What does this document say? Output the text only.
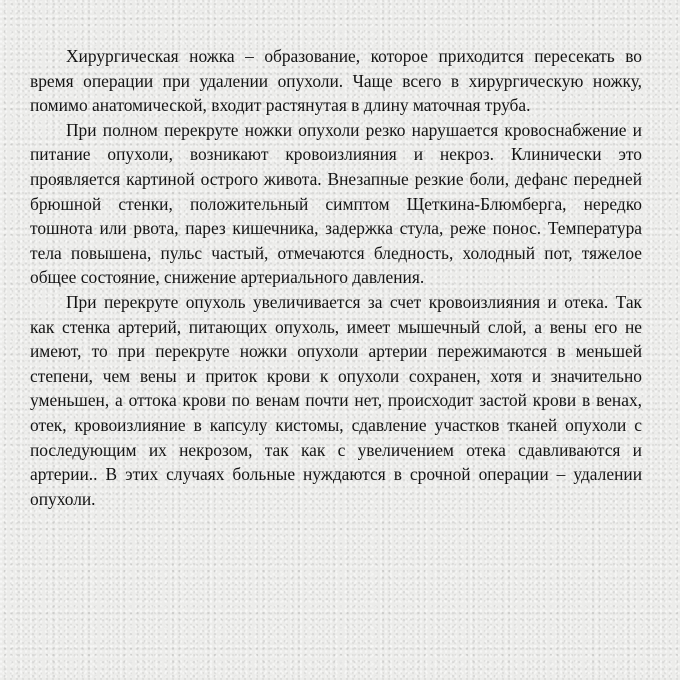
Хирургическая ножка – образование, которое приходится пересекать во время операции при удалении опухоли. Чаще всего в хирургическую ножку, помимо анатомической, входит растянутая в длину маточная труба.

При полном перекруте ножки опухоли резко нарушается кровоснабжение и питание опухоли, возникают кровоизлияния и некроз. Клинически это проявляется картиной острого живота. Внезапные резкие боли, дефанс передней брюшной стенки, положительный симптом Щеткина-Блюмберга, нередко тошнота или рвота, парез кишечника, задержка стула, реже понос. Температура тела повышена, пульс частый, отмечаются бледность, холодный пот, тяжелое общее состояние, снижение артериального давления.

При перекруте опухоль увеличивается за счет кровоизлияния и отека. Так как стенка артерий, питающих опухоль, имеет мышечный слой, а вены его не имеют, то при перекруте ножки опухоли артерии пережимаются в меньшей степени, чем вены и приток крови к опухоли сохранен, хотя и значительно уменьшен, а оттока крови по венам почти нет, происходит застой крови в венах, отек, кровоизлияние в капсулу кистомы, сдавление участков тканей опухоли с последующим их некрозом, так как с увеличением отека сдавливаются и артерии.. В этих случаях больные нуждаются в срочной операции – удалении опухоли.
